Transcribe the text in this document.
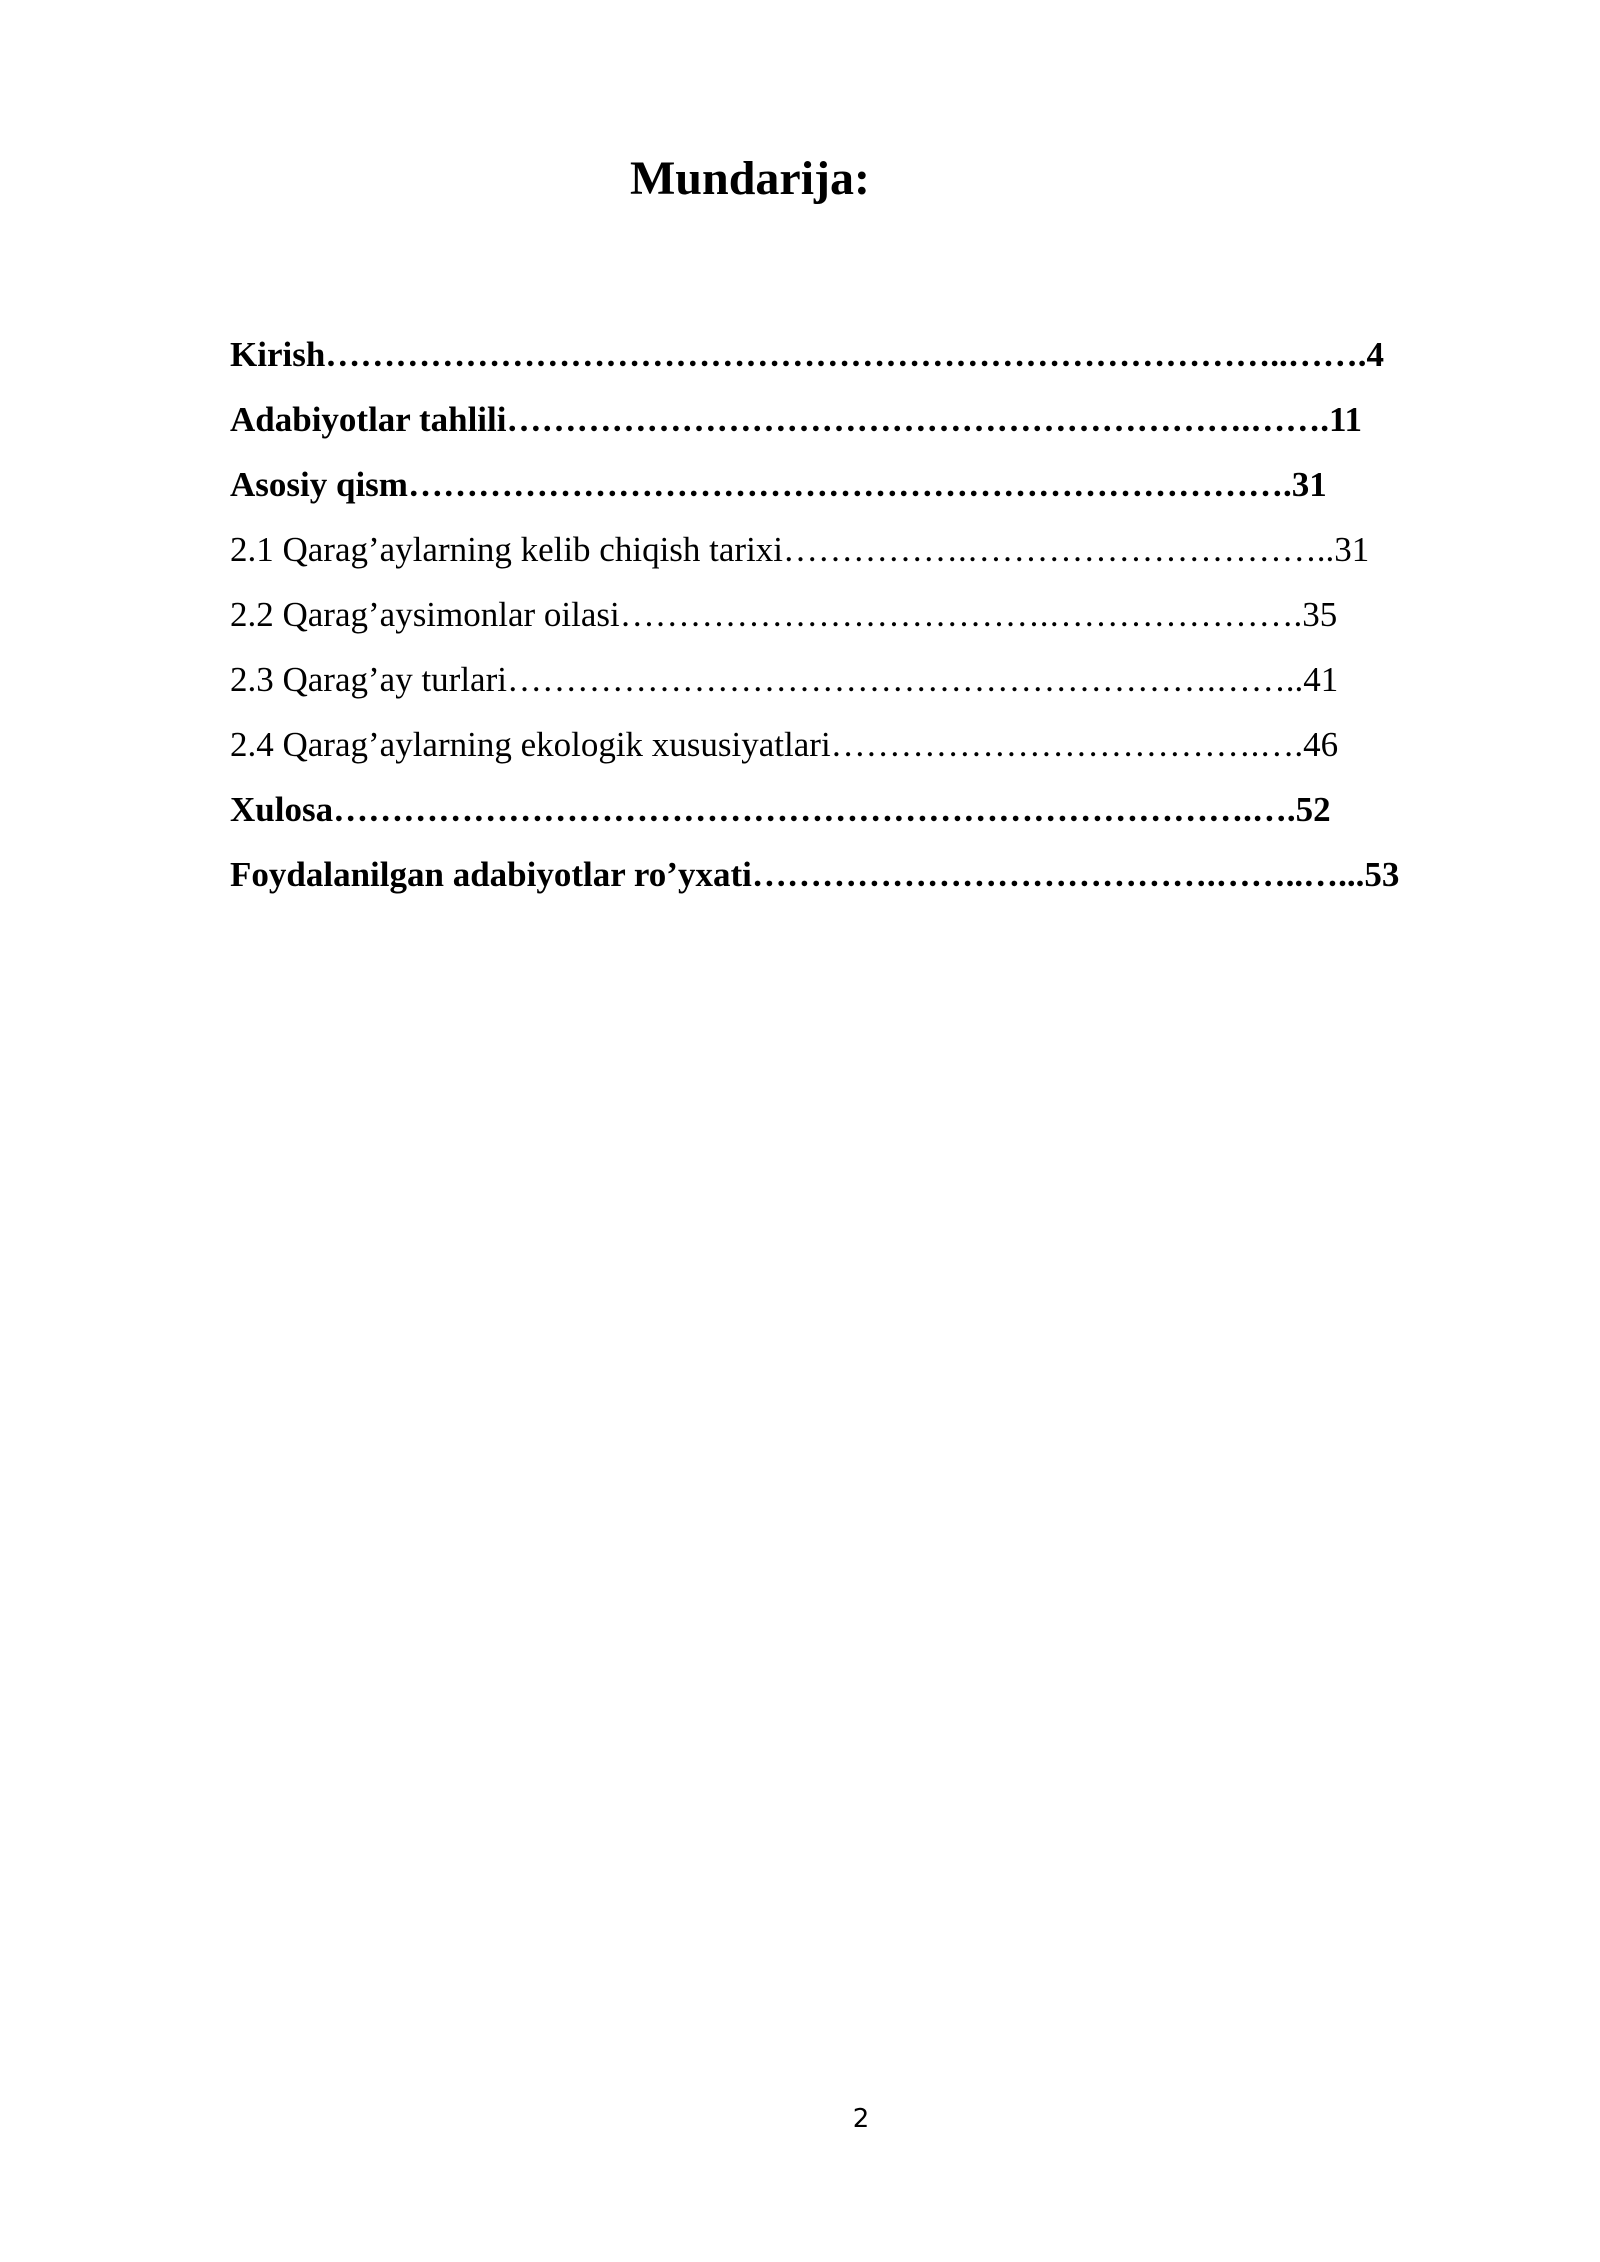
Mundarija:
Kirish………………………………………………………………………..…….4
Adabiyotlar tahlili……………………………………………………….…….11
Asosiy qism………………………………………………………………….31
2.1 Qarag’aylarning kelib chiqish tarixi…………….…………………………..31
2.2 Qarag’aysimonlar oilasi……………………………….………………….35
2.3 Qarag’ay turlari…………………………………………………….……..41
2.4 Qarag’aylarning ekologik xususiyatlari……………………………….….46
Xulosa…………………………………………………………………….….52
Foydalanilgan adabiyotlar ro’yxati………………………………….……..…...53
2
